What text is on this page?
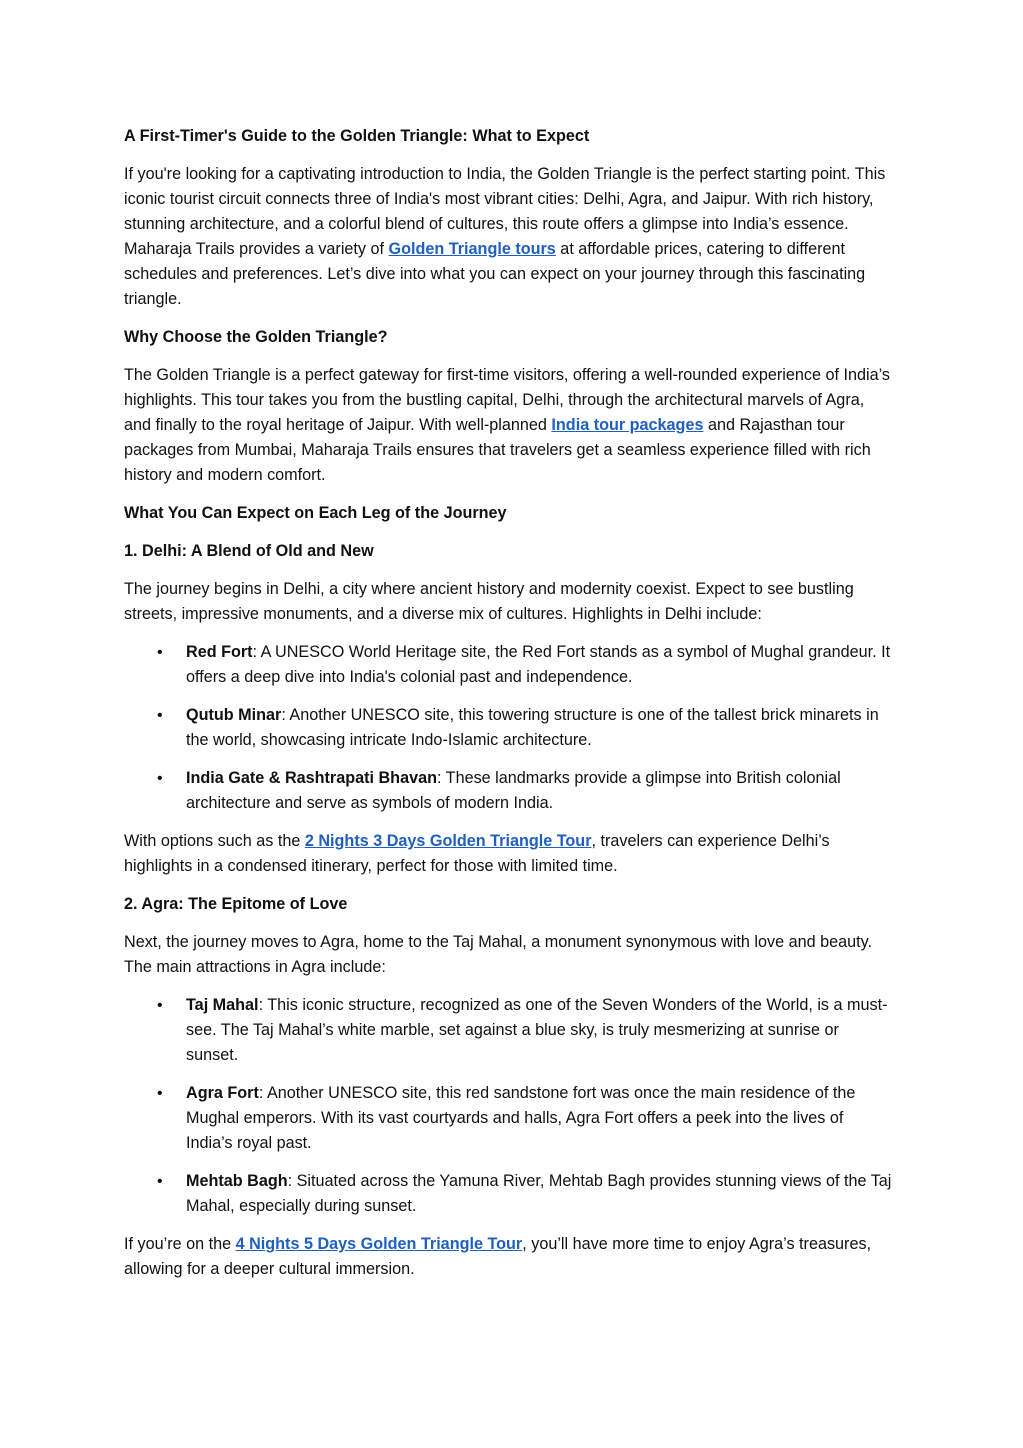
A First-Timer's Guide to the Golden Triangle: What to Expect
If you're looking for a captivating introduction to India, the Golden Triangle is the perfect starting point. This iconic tourist circuit connects three of India's most vibrant cities: Delhi, Agra, and Jaipur. With rich history, stunning architecture, and a colorful blend of cultures, this route offers a glimpse into India’s essence. Maharaja Trails provides a variety of Golden Triangle tours at affordable prices, catering to different schedules and preferences. Let’s dive into what you can expect on your journey through this fascinating triangle.
Why Choose the Golden Triangle?
The Golden Triangle is a perfect gateway for first-time visitors, offering a well-rounded experience of India’s highlights. This tour takes you from the bustling capital, Delhi, through the architectural marvels of Agra, and finally to the royal heritage of Jaipur. With well-planned India tour packages and Rajasthan tour packages from Mumbai, Maharaja Trails ensures that travelers get a seamless experience filled with rich history and modern comfort.
What You Can Expect on Each Leg of the Journey
1. Delhi: A Blend of Old and New
The journey begins in Delhi, a city where ancient history and modernity coexist. Expect to see bustling streets, impressive monuments, and a diverse mix of cultures. Highlights in Delhi include:
• Red Fort: A UNESCO World Heritage site, the Red Fort stands as a symbol of Mughal grandeur. It offers a deep dive into India's colonial past and independence.
• Qutub Minar: Another UNESCO site, this towering structure is one of the tallest brick minarets in the world, showcasing intricate Indo-Islamic architecture.
• India Gate & Rashtrapati Bhavan: These landmarks provide a glimpse into British colonial architecture and serve as symbols of modern India.
With options such as the 2 Nights 3 Days Golden Triangle Tour, travelers can experience Delhi’s highlights in a condensed itinerary, perfect for those with limited time.
2. Agra: The Epitome of Love
Next, the journey moves to Agra, home to the Taj Mahal, a monument synonymous with love and beauty. The main attractions in Agra include:
• Taj Mahal: This iconic structure, recognized as one of the Seven Wonders of the World, is a must-see. The Taj Mahal’s white marble, set against a blue sky, is truly mesmerizing at sunrise or sunset.
• Agra Fort: Another UNESCO site, this red sandstone fort was once the main residence of the Mughal emperors. With its vast courtyards and halls, Agra Fort offers a peek into the lives of India’s royal past.
• Mehtab Bagh: Situated across the Yamuna River, Mehtab Bagh provides stunning views of the Taj Mahal, especially during sunset.
If you’re on the 4 Nights 5 Days Golden Triangle Tour, you’ll have more time to enjoy Agra’s treasures, allowing for a deeper cultural immersion.
